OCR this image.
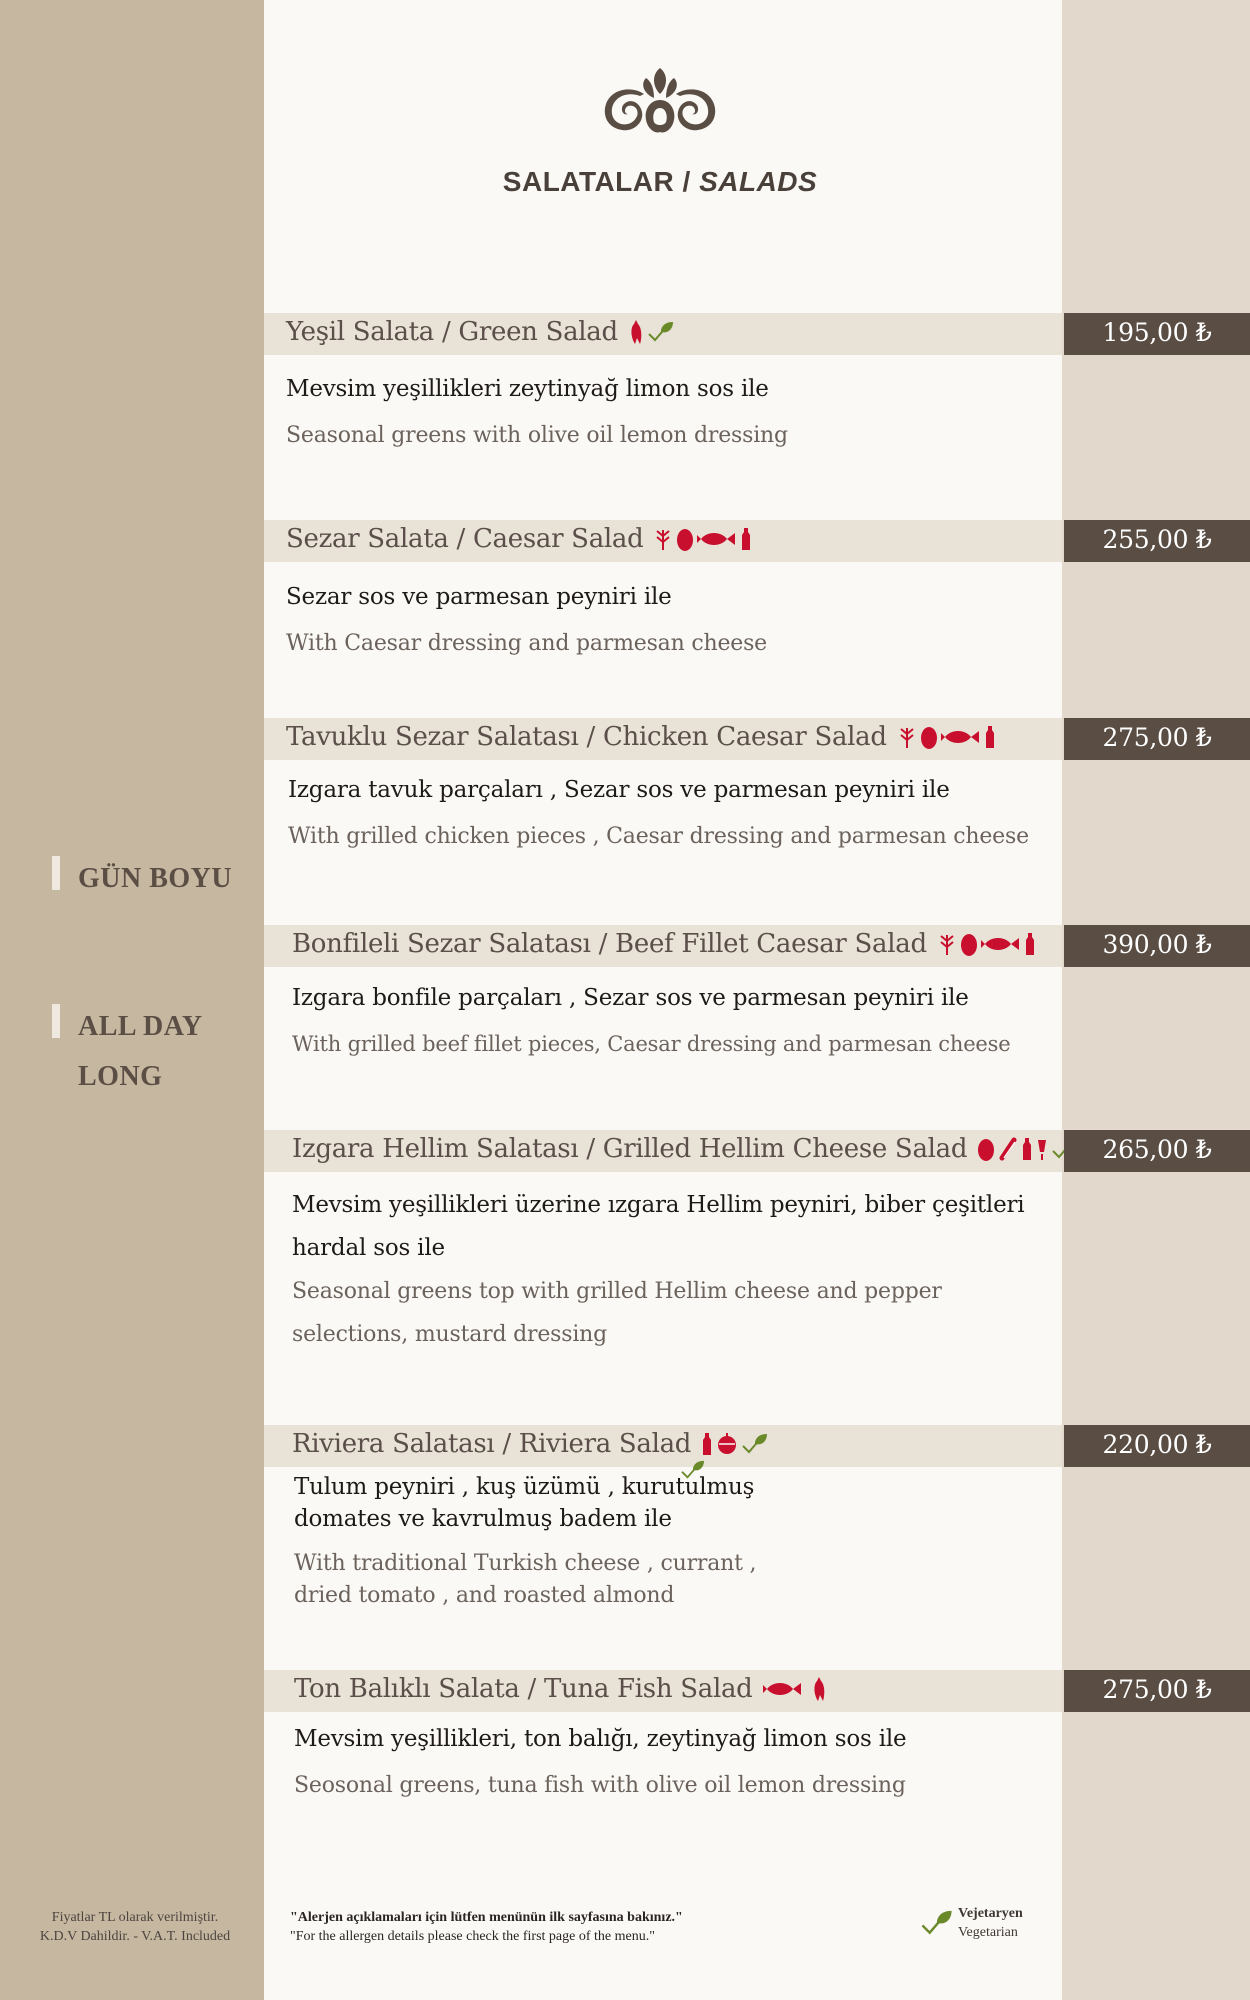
SALATALAR / SALADS
GÜN BOYU
ALL DAY
LONG
Yeşil Salata / Green Salad	195,00 ₺
Mevsim yeşillikleri zeytinyağ limon sos ile
Seasonal greens with olive oil lemon dressing
Sezar Salata / Caesar Salad	255,00 ₺
Sezar sos ve parmesan peyniri ile
With Caesar dressing and parmesan cheese
Tavuklu Sezar Salatası / Chicken Caesar Salad	275,00 ₺
Izgara tavuk parçaları , Sezar sos ve parmesan peyniri ile
With grilled chicken pieces , Caesar dressing and parmesan cheese
Bonfileli Sezar Salatası / Beef Fillet Caesar Salad	390,00 ₺
Izgara bonfile parçaları , Sezar sos ve parmesan peyniri ile
With grilled beef fillet pieces, Caesar dressing and parmesan cheese
Izgara Hellim Salatası / Grilled Hellim Cheese Salad	265,00 ₺
Mevsim yeşillikleri üzerine ızgara Hellim peyniri, biber çeşitleri
hardal sos ile
Seasonal greens top with grilled Hellim cheese and pepper
selections, mustard dressing
Riviera Salatası / Riviera Salad	220,00 ₺
Tulum peyniri , kuş üzümü , kurutulmuş
domates ve kavrulmuş badem ile
With traditional Turkish cheese , currant ,
dried tomato , and roasted almond
Ton Balıklı Salata / Tuna Fish Salad	275,00 ₺
Mevsim yeşillikleri, ton balığı, zeytinyağ limon sos ile
Seosonal greens, tuna fish with olive oil lemon dressing
Fiyatlar TL olarak verilmiştir.
K.D.V Dahildir. - V.A.T. Included
"Alerjen açıklamaları için lütfen menünün ilk sayfasına bakınız."
"For the allergen details please check the first page of the menu."
Vejetaryen
Vegetarian
